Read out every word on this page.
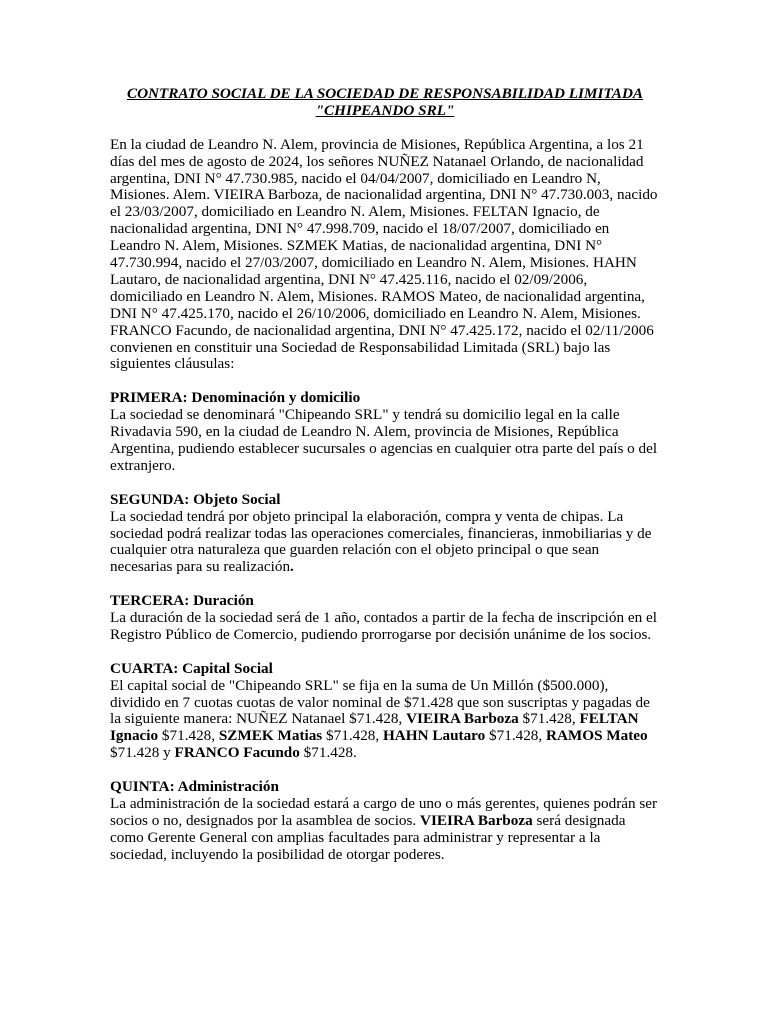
CONTRATO SOCIAL DE LA SOCIEDAD DE RESPONSABILIDAD LIMITADA
"CHIPEANDO SRL"

En la ciudad de Leandro N. Alem, provincia de Misiones, República Argentina, a los 21 días del mes de agosto de 2024, los señores NUÑEZ Natanael Orlando, de nacionalidad argentina, DNI N° 47.730.985, nacido el 04/04/2007, domiciliado en Leandro N, Misiones. Alem. VIEIRA Barboza, de nacionalidad argentina, DNI N° 47.730.003, nacido el 23/03/2007, domiciliado en Leandro N. Alem, Misiones. FELTAN Ignacio, de nacionalidad argentina, DNI N° 47.998.709, nacido el 18/07/2007, domiciliado en Leandro N. Alem, Misiones. SZMEK Matias, de nacionalidad argentina, DNI N° 47.730.994, nacido el 27/03/2007, domiciliado en Leandro N. Alem, Misiones. HAHN Lautaro, de nacionalidad argentina, DNI N° 47.425.116, nacido el 02/09/2006, domiciliado en Leandro N. Alem, Misiones. RAMOS Mateo, de nacionalidad argentina, DNI N° 47.425.170, nacido el 26/10/2006, domiciliado en Leandro N. Alem, Misiones. FRANCO Facundo, de nacionalidad argentina, DNI N° 47.425.172, nacido el 02/11/2006 convienen en constituir una Sociedad de Responsabilidad Limitada (SRL) bajo las siguientes cláusulas:

PRIMERA: Denominación y domicilio
La sociedad se denominará "Chipeando SRL" y tendrá su domicilio legal en la calle Rivadavia 590, en la ciudad de Leandro N. Alem, provincia de Misiones, República Argentina, pudiendo establecer sucursales o agencias en cualquier otra parte del país o del extranjero.
SEGUNDA: Objeto Social
La sociedad tendrá por objeto principal la elaboración, compra y venta de chipas. La sociedad podrá realizar todas las operaciones comerciales, financieras, inmobiliarias y de cualquier otra naturaleza que guarden relación con el objeto principal o que sean necesarias para su realización.
TERCERA: Duración
La duración de la sociedad será de 1 año, contados a partir de la fecha de inscripción en el Registro Público de Comercio, pudiendo prorrogarse por decisión unánime de los socios.
CUARTA: Capital Social
El capital social de "Chipeando SRL" se fija en la suma de Un Millón ($500.000), dividido en 7 cuotas cuotas de valor nominal de $71.428 que son suscriptas y pagadas de la siguiente manera: NUÑEZ Natanael $71.428, VIEIRA Barboza $71.428, FELTAN Ignacio $71.428, SZMEK Matias $71.428, HAHN Lautaro $71.428, RAMOS Mateo $71.428 y FRANCO Facundo $71.428.
QUINTA: Administración
La administración de la sociedad estará a cargo de uno o más gerentes, quienes podrán ser socios o no, designados por la asamblea de socios. VIEIRA Barboza será designada como Gerente General con amplias facultades para administrar y representar a la sociedad, incluyendo la posibilidad de otorgar poderes.
